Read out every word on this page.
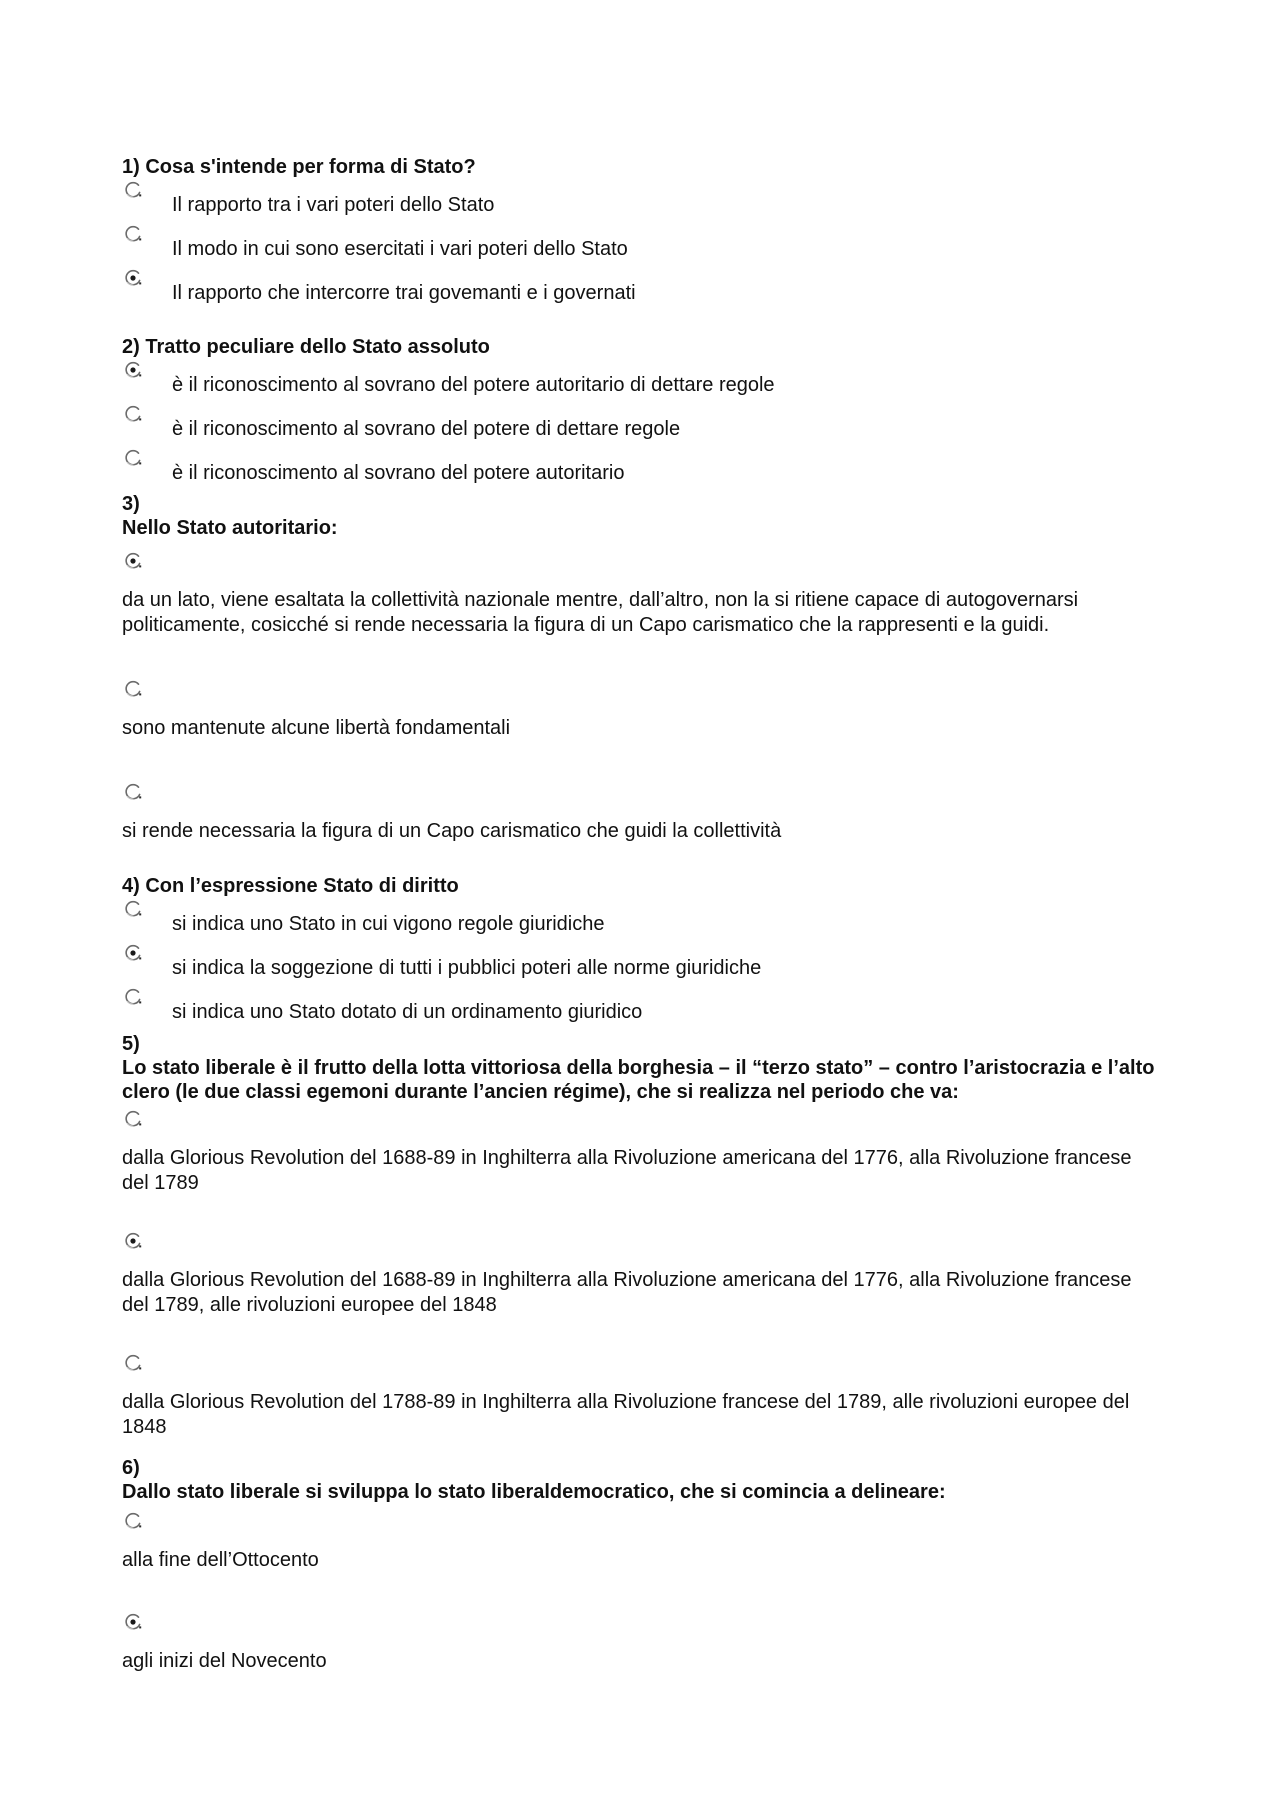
1) Cosa s'intende per forma di Stato?
Il rapporto tra i vari poteri dello Stato
Il modo in cui sono esercitati i vari poteri dello Stato
Il rapporto che intercorre trai govemanti e i governati
2) Tratto peculiare dello Stato assoluto
è il riconoscimento al sovrano del potere autoritario di dettare regole
è il riconoscimento al sovrano del potere di dettare regole
è il riconoscimento al sovrano del potere autoritario
3)
Nello Stato autoritario:

da un lato, viene esaltata la collettività nazionale mentre, dall’altro, non la si ritiene capace di autogovernarsi politicamente, cosicché si rende necessaria la figura di un Capo carismatico che la rappresenti e la guidi.

sono mantenute alcune libertà fondamentali

si rende necessaria la figura di un Capo carismatico che guidi la collettività

4) Con l’espressione Stato di diritto
si indica uno Stato in cui vigono regole giuridiche
si indica la soggezione di tutti i pubblici poteri alle norme giuridiche
si indica uno Stato dotato di un ordinamento giuridico
5)
Lo stato liberale è il frutto della lotta vittoriosa della borghesia – il “terzo stato” – contro l’aristocrazia e l’alto clero (le due classi egemoni durante l’ancien régime), che si realizza nel periodo che va:

dalla Glorious Revolution del 1688-89 in Inghilterra alla Rivoluzione americana del 1776, alla Rivoluzione francese del 1789

dalla Glorious Revolution del 1688-89 in Inghilterra alla Rivoluzione americana del 1776, alla Rivoluzione francese del 1789, alle rivoluzioni europee del 1848

dalla Glorious Revolution del 1788-89 in Inghilterra alla Rivoluzione francese del 1789, alle rivoluzioni europee del 1848

6)
Dallo stato liberale si sviluppa lo stato liberaldemocratico, che si comincia a delineare:

alla fine dell’Ottocento

agli inizi del Novecento
